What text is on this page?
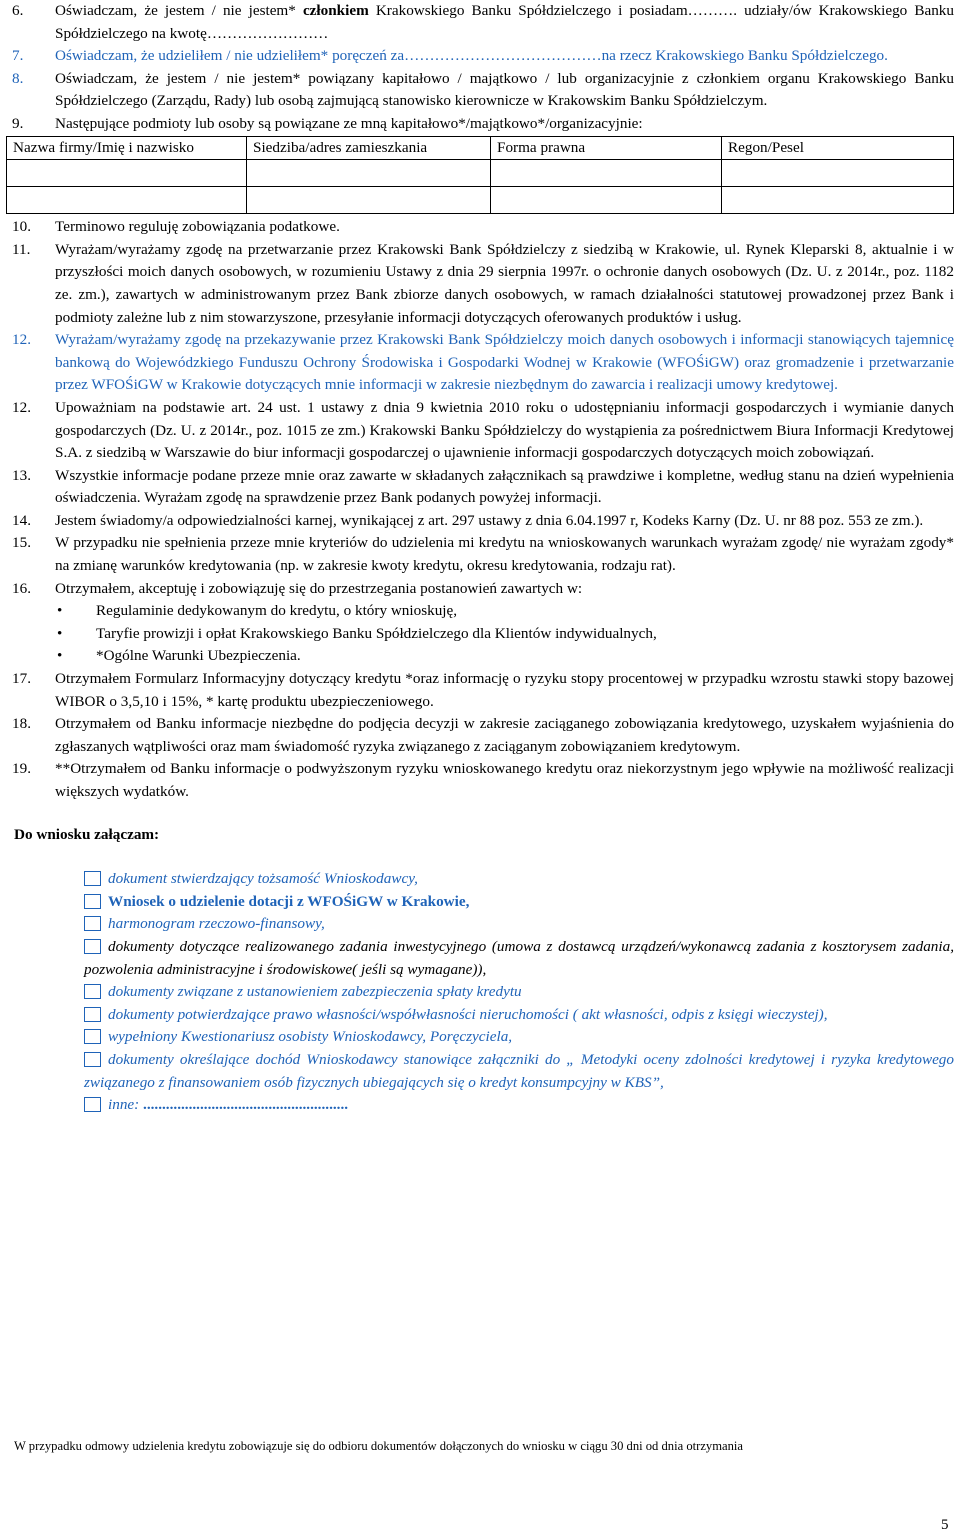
6. Oświadczam, że jestem / nie jestem* członkiem Krakowskiego Banku Spółdzielczego i posiadam………. udziały/ów Krakowskiego Banku Spółdzielczego na kwotę……………………
7. Oświadczam, że udzieliłem / nie udzieliłem* poręczeń za…………………………………na rzecz Krakowskiego Banku Spółdzielczego.
8. Oświadczam, że jestem / nie jestem* powiązany kapitałowo / majątkowo / lub organizacyjnie z członkiem organu Krakowskiego Banku Spółdzielczego (Zarządu, Rady) lub osobą zajmującą stanowisko kierownicze w Krakowskim Banku Spółdzielczym.
9. Następujące podmioty lub osoby są powiązane ze mną kapitałowo*/majątkowo*/organizacyjnie:
Nazwa firmy/Imię i nazwisko	Siedziba/adres zamieszkania	Forma prawna	Regon/Pesel

10. Terminowo reguluję zobowiązania podatkowe.
11. Wyrażam/wyrażamy zgodę na przetwarzanie przez Krakowski Bank Spółdzielczy z siedzibą w Krakowie, ul. Rynek Kleparski 8, aktualnie i w przyszłości moich danych osobowych, w rozumieniu Ustawy z dnia 29 sierpnia 1997r. o ochronie danych osobowych (Dz. U. z 2014r., poz. 1182 ze. zm.), zawartych w administrowanym przez Bank zbiorze danych osobowych, w ramach działalności statutowej prowadzonej przez Bank i podmioty zależne lub z nim stowarzyszone, przesyłanie informacji dotyczących oferowanych produktów i usług.
12. Wyrażam/wyrażamy zgodę na przekazywanie przez Krakowski Bank Spółdzielczy moich danych osobowych i informacji stanowiących tajemnicę bankową do Wojewódzkiego Funduszu Ochrony Środowiska i Gospodarki Wodnej w Krakowie (WFOŚiGW) oraz gromadzenie i przetwarzanie przez WFOŚiGW w Krakowie dotyczących mnie informacji w zakresie niezbędnym do zawarcia i realizacji umowy kredytowej.
12. Upoważniam na podstawie art. 24 ust. 1 ustawy z dnia 9 kwietnia 2010 roku o udostępnianiu informacji gospodarczych i wymianie danych gospodarczych (Dz. U. z 2014r., poz. 1015 ze zm.) Krakowski Banku Spółdzielczy do wystąpienia za pośrednictwem Biura Informacji Kredytowej S.A. z siedzibą w Warszawie do biur informacji gospodarczej o ujawnienie informacji gospodarczych dotyczących moich zobowiązań.
13. Wszystkie informacje podane przeze mnie oraz zawarte w składanych załącznikach są prawdziwe i kompletne, według stanu na dzień wypełnienia oświadczenia. Wyrażam zgodę na sprawdzenie przez Bank podanych powyżej informacji.
14. Jestem świadomy/a odpowiedzialności karnej, wynikającej z art. 297 ustawy z dnia 6.04.1997 r, Kodeks Karny (Dz. U. nr 88 poz. 553 ze zm.).
15. W przypadku nie spełnienia przeze mnie kryteriów do udzielenia mi kredytu na wnioskowanych warunkach wyrażam zgodę/ nie wyrażam zgody* na zmianę warunków kredytowania (np. w zakresie kwoty kredytu, okresu kredytowania, rodzaju rat).
16. Otrzymałem, akceptuję i zobowiązuję się do przestrzegania postanowień zawartych w:
• Regulaminie dedykowanym do kredytu, o który wnioskuję,
• Taryfie prowizji i opłat Krakowskiego Banku Spółdzielczego dla Klientów indywidualnych,
• *Ogólne Warunki Ubezpieczenia.
17. Otrzymałem Formularz Informacyjny dotyczący kredytu *oraz informację o ryzyku stopy procentowej w przypadku wzrostu stawki stopy bazowej WIBOR o 3,5,10 i 15%, * kartę produktu ubezpieczeniowego.
18. Otrzymałem od Banku informacje niezbędne do podjęcia decyzji w zakresie zaciąganego zobowiązania kredytowego, uzyskałem wyjaśnienia do zgłaszanych wątpliwości oraz mam świadomość ryzyka związanego z zaciąganym zobowiązaniem kredytowym.
19. **Otrzymałem od Banku informacje o podwyższonym ryzyku wnioskowanego kredytu oraz niekorzystnym jego wpływie na możliwość realizacji większych wydatków.
Do wniosku załączam:
dokument stwierdzający tożsamość Wnioskodawcy,
Wniosek o udzielenie dotacji z WFOŚiGW w Krakowie,
harmonogram rzeczowo-finansowy,
dokumenty dotyczące realizowanego zadania inwestycyjnego (umowa z dostawcą urządzeń/wykonawcą zadania z kosztorysem zadania, pozwolenia administracyjne i środowiskowe( jeśli są wymagane)),
dokumenty związane z ustanowieniem zabezpieczenia spłaty kredytu
dokumenty potwierdzające prawo własności/współwłasności nieruchomości ( akt własności, odpis z księgi wieczystej),
wypełniony Kwestionariusz osobisty Wnioskodawcy, Poręczyciela,
dokumenty określające dochód Wnioskodawcy stanowiące załączniki do „ Metodyki oceny zdolności kredytowej i ryzyka kredytowego związanego z finansowaniem osób fizycznych ubiegających się o kredyt konsumpcyjny w KBS”,
inne: ......................................................
W przypadku odmowy udzielenia kredytu zobowiązuje się do odbioru dokumentów dołączonych do wniosku w ciągu 30 dni od dnia otrzymania
5
